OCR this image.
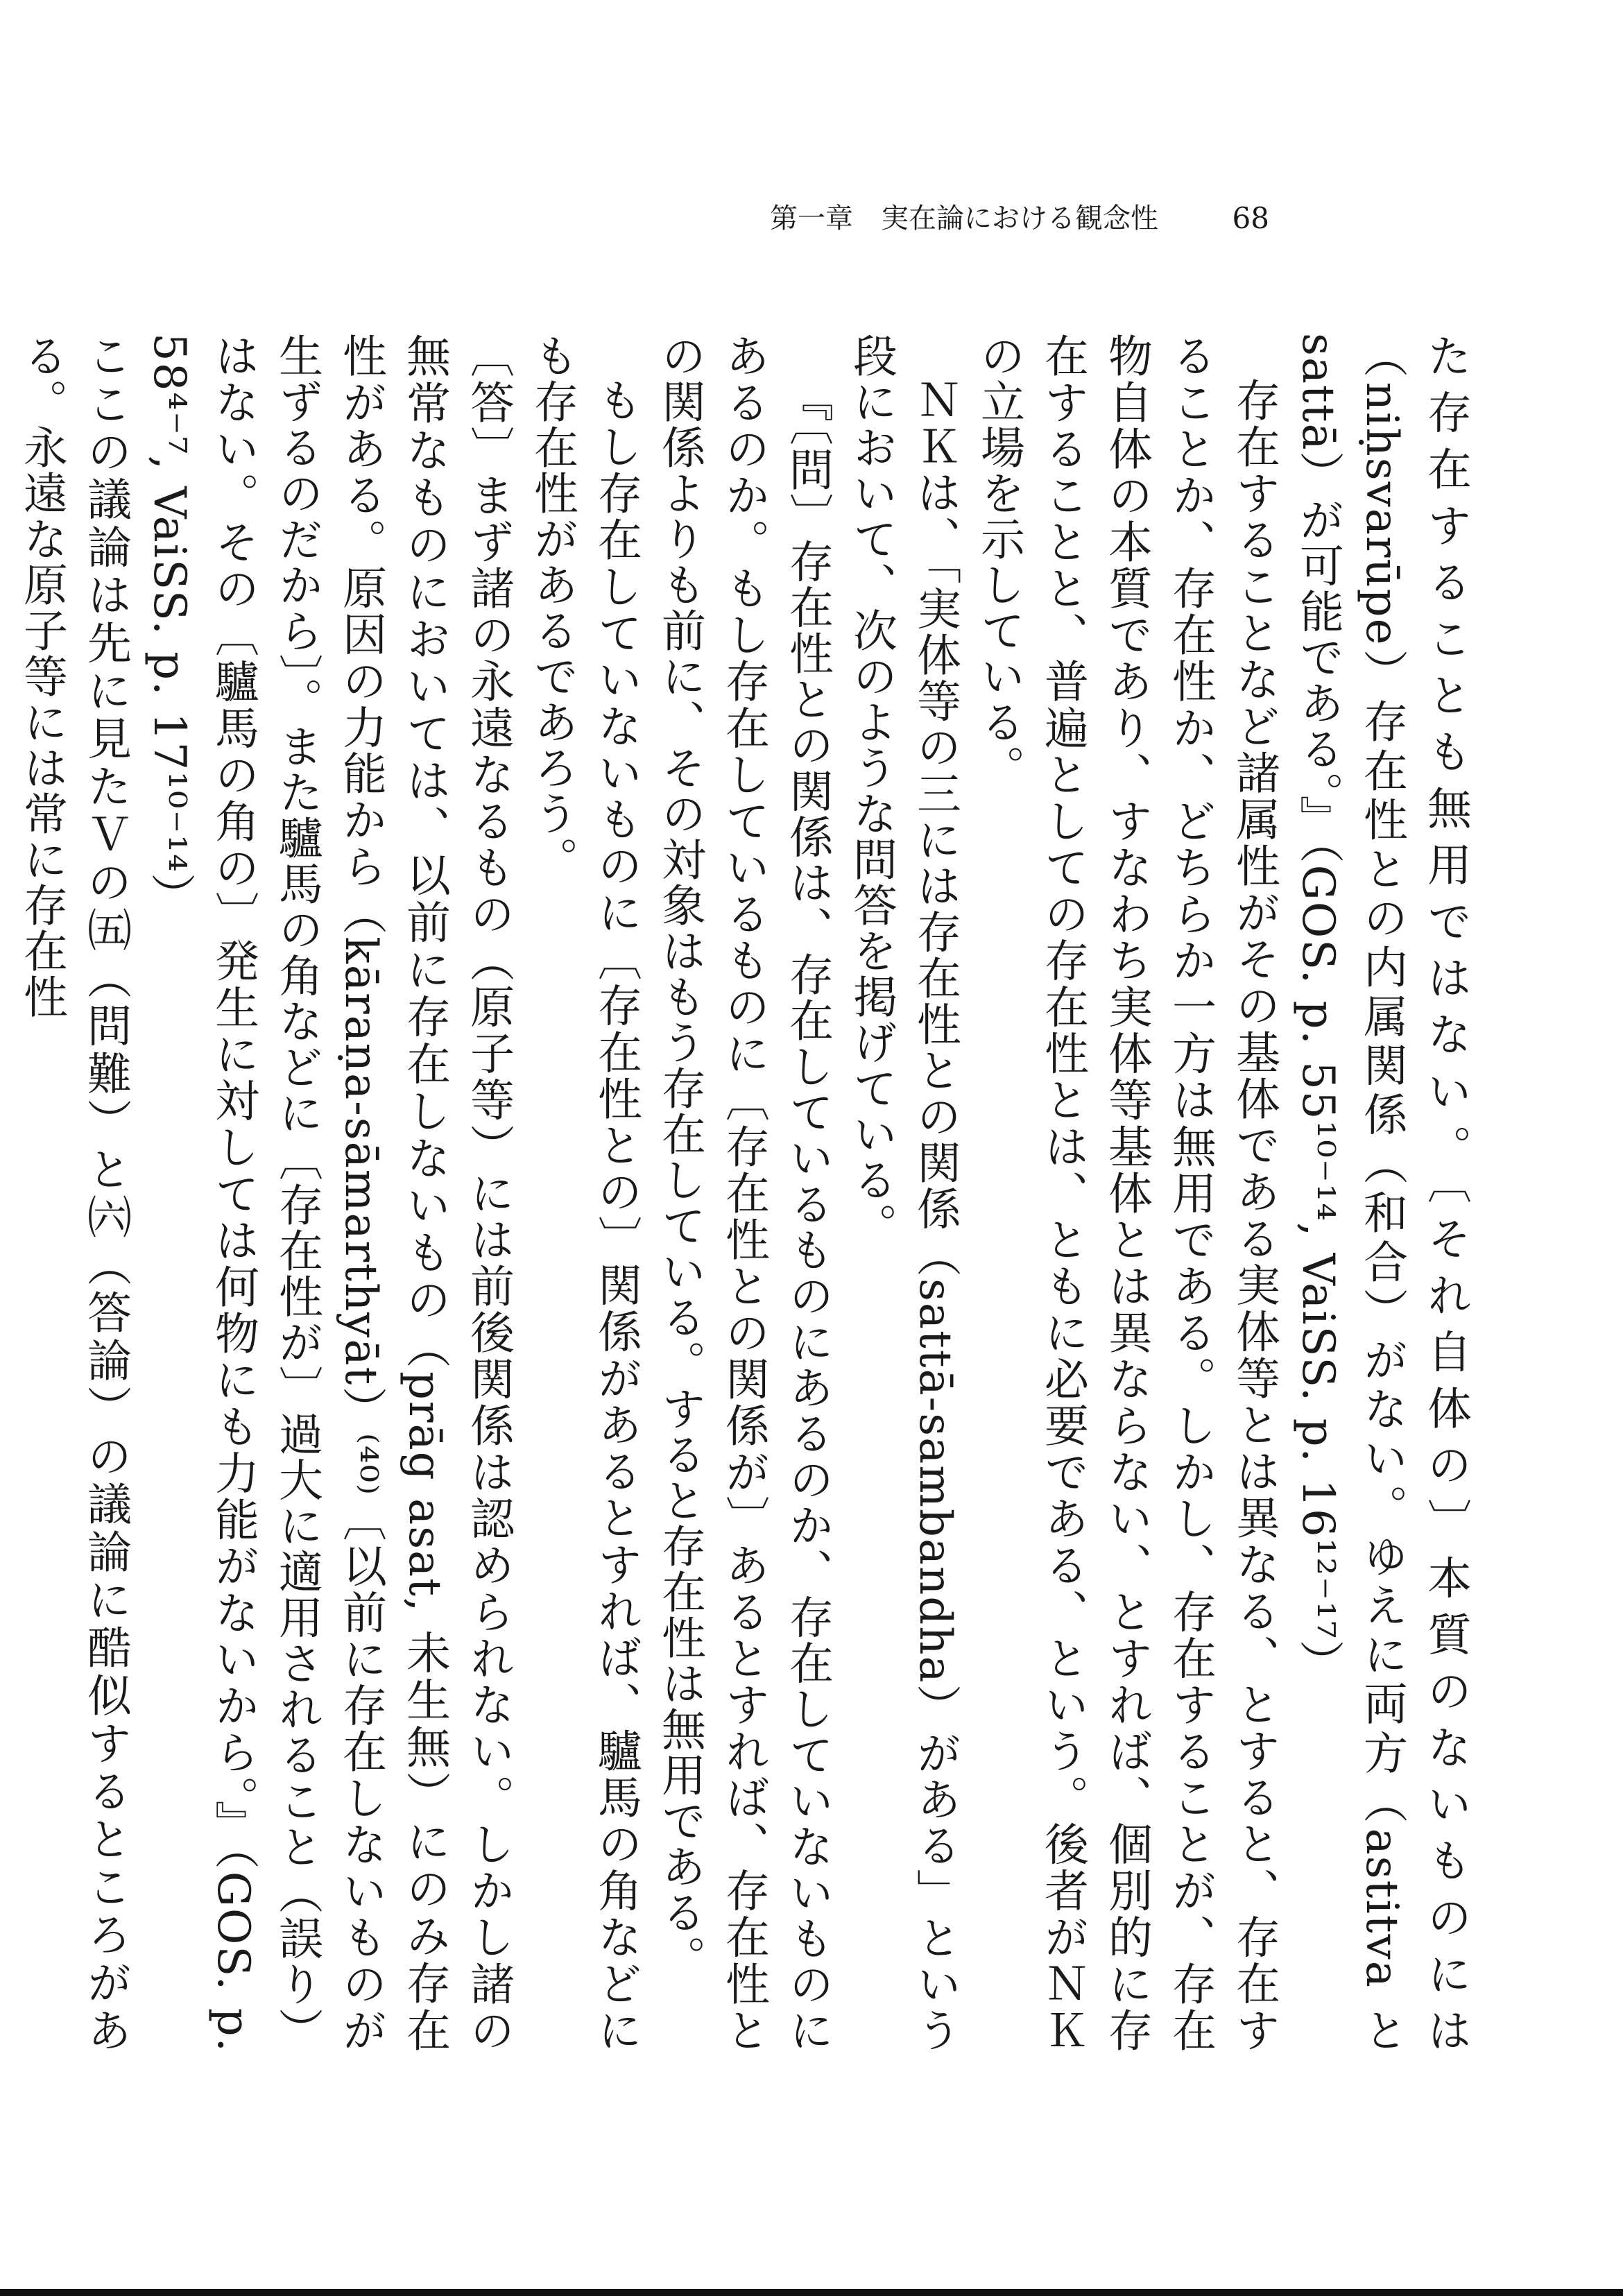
第一章　実在論における観念性	68

た存在することも無用ではない。〔それ自体の〕本質のないものには（niḥsvarūpe）存在性との内属関係（和合）がない。ゆえに両方（astitva と sattā）が可能である。』（GOS. p. 55¹⁰⁻¹⁴, VaiSS. p. 16¹²⁻¹⁷）

存在することなど諸属性がその基体である実体等とは異なる、とすると、存在することか、存在性か、どちらか一方は無用である。しかし、存在することが、存在物自体の本質であり、すなわち実体等基体とは異ならない、とすれば、個別的に存在することと、普遍としての存在性とは、ともに必要である、という。後者がＮＫの立場を示している。

ＮＫは、「実体等の三には存在性との関係（sattā-sambandha）がある」という段において、次のような問答を掲げている。

『〔問〕存在性との関係は、存在しているものにあるのか、存在していないものにあるのか。もし存在しているものに〔存在性との関係が〕あるとすれば、存在性との関係よりも前に、その対象はもう存在している。すると存在性は無用である。

もし存在していないものに〔存在性との〕関係があるとすれば、驢馬の角などにも存在性があるであろう。

〔答〕まず諸の永遠なるもの（原子等）には前後関係は認められない。しかし諸の無常なものにおいては、以前に存在しないもの（prāg asat, 未生無）にのみ存在性がある。原因の力能から（kāraṇa-sāmarthyāt）⁽⁴⁰⁾〔以前に存在しないものが生ずるのだから〕。また驢馬の角などに〔存在性が〕過大に適用されること（誤り）はない。その〔驢馬の角の〕発生に対しては何物にも力能がないから。』（GOS. p. 58⁴⁻⁷, VaiSS. p. 17¹⁰⁻¹⁴）

ここの議論は先に見たＶの㈤（問難）と㈥（答論）の議論に酷似するところがある。永遠な原子等には常に存在性
